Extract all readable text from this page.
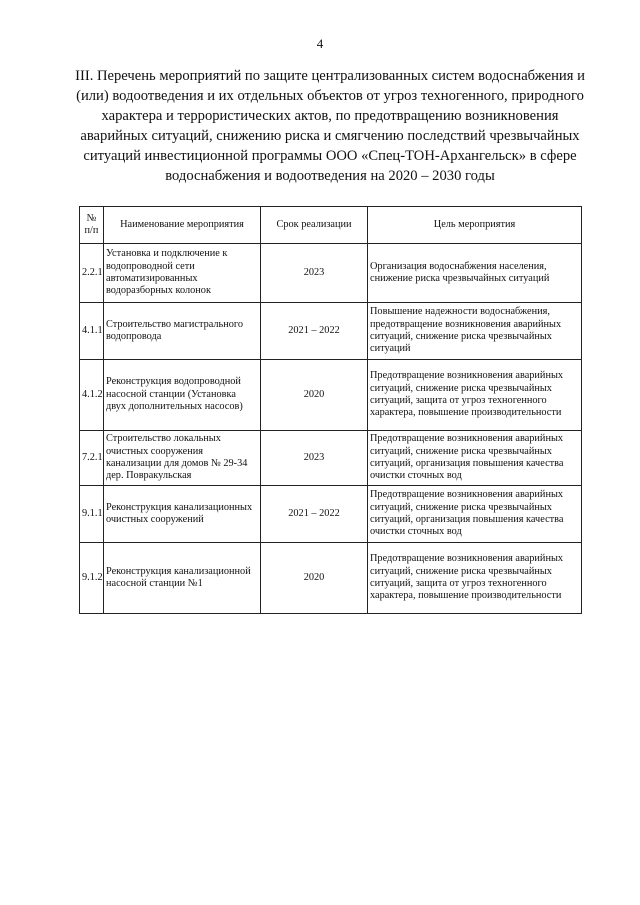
4
III. Перечень мероприятий по защите централизованных систем водоснабжения и (или) водоотведения и их отдельных объектов от угроз техногенного, природного характера и террористических актов, по предотвращению возникновения аварийных ситуаций, снижению риска и смягчению последствий чрезвычайных ситуаций инвестиционной программы ООО «Спец-ТОН-Архангельск» в сфере водоснабжения и водоотведения на 2020 – 2030 годы
№ п/п	Наименование мероприятия	Срок реализации	Цель мероприятия
2.2.1	Установка и подключение к водопроводной сети автоматизированных водоразборных колонок	2023	Организация водоснабжения населения, снижение риска чрезвычайных ситуаций
4.1.1	Строительство магистрального водопровода	2021 – 2022	Повышение надежности водоснабжения, предотвращение возникновения аварийных ситуаций, снижение риска чрезвычайных ситуаций
4.1.2	Реконструкция водопроводной насосной станции (Установка двух дополнительных насосов)	2020	Предотвращение возникновения аварийных ситуаций, снижение риска чрезвычайных ситуаций, защита от угроз техногенного характера, повышение производительности
7.2.1	Строительство локальных очистных сооружения канализации для домов № 29-34 дер. Повракульская	2023	Предотвращение возникновения аварийных ситуаций, снижение риска чрезвычайных ситуаций, организация повышения качества очистки сточных вод
9.1.1	Реконструкция канализационных очистных сооружений	2021 – 2022	Предотвращение возникновения аварийных ситуаций, снижение риска чрезвычайных ситуаций, организация повышения качества очистки сточных вод
9.1.2	Реконструкция канализационной насосной станции №1	2020	Предотвращение возникновения аварийных ситуаций, снижение риска чрезвычайных ситуаций, защита от угроз техногенного характера, повышение производительности
